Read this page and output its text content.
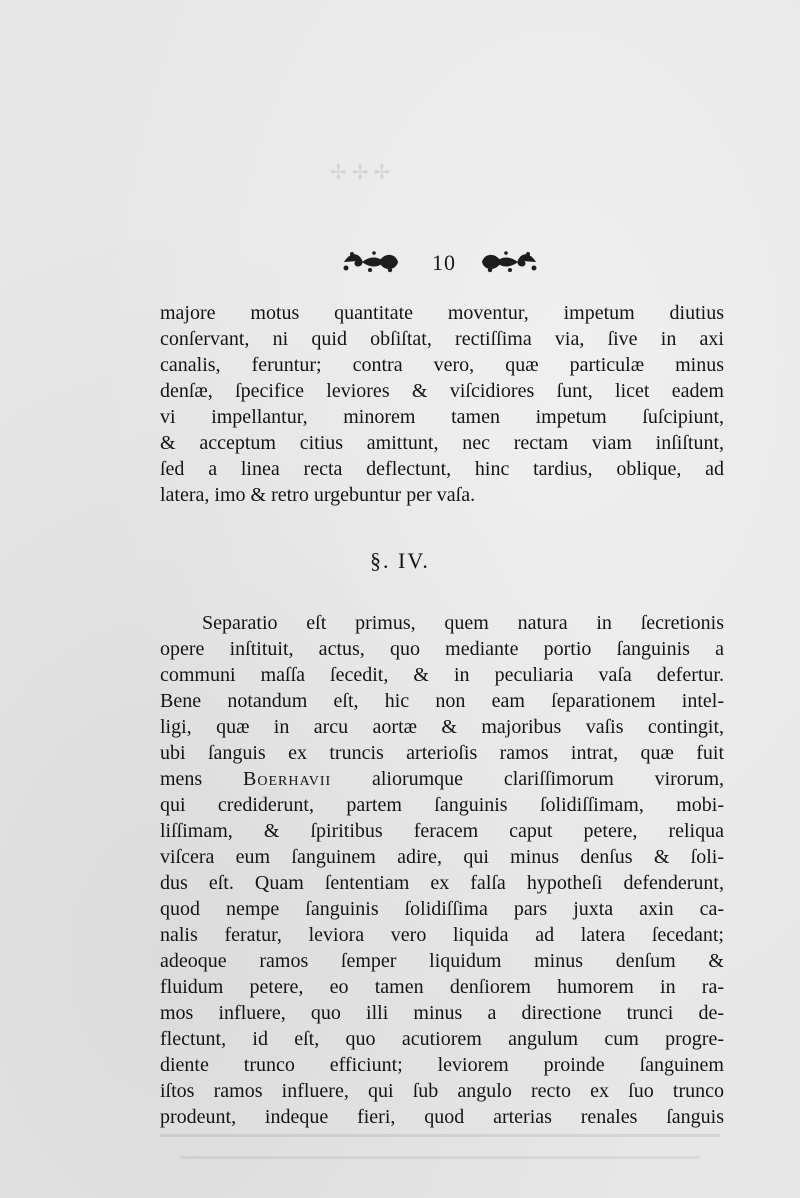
✢ ✢ ✢
10
majore motus quantitate moventur, impetum diutius
conſervant, ni quid obſiſtat, rectiſſima via, ſive in axi
canalis, feruntur; contra vero, quæ particulæ minus
denſæ, ſpecifice leviores & viſcidiores ſunt, licet eadem
vi impellantur, minorem tamen impetum ſuſcipiunt,
& acceptum citius amittunt, nec rectam viam inſiſtunt,
ſed a linea recta deflectunt, hinc tardius, oblique, ad
latera, imo & retro urgebuntur per vaſa.
§. IV.
Separatio eſt primus, quem natura in ſecretionis
opere inſtituit, actus, quo mediante portio ſanguinis a
communi maſſa ſecedit, & in peculiaria vaſa defertur.
Bene notandum eſt, hic non eam ſeparationem intel-
ligi, quæ in arcu aortæ & majoribus vaſis contingit,
ubi ſanguis ex truncis arterioſis ramos intrat, quæ fuit
mens Boerhavii aliorumque clariſſimorum virorum,
qui crediderunt, partem ſanguinis ſolidiſſimam, mobi-
liſſimam, & ſpiritibus feracem caput petere, reliqua
viſcera eum ſanguinem adire, qui minus denſus & ſoli-
dus eſt. Quam ſententiam ex falſa hypotheſi defenderunt,
quod nempe ſanguinis ſolidiſſima pars juxta axin ca-
nalis feratur, leviora vero liquida ad latera ſecedant;
adeoque ramos ſemper liquidum minus denſum &
fluidum petere, eo tamen denſiorem humorem in ra-
mos influere, quo illi minus a directione trunci de-
flectunt, id eſt, quo acutiorem angulum cum progre-
diente trunco efficiunt; leviorem proinde ſanguinem
iſtos ramos influere, qui ſub angulo recto ex ſuo trunco
prodeunt, indeque fieri, quod arterias renales ſanguis
